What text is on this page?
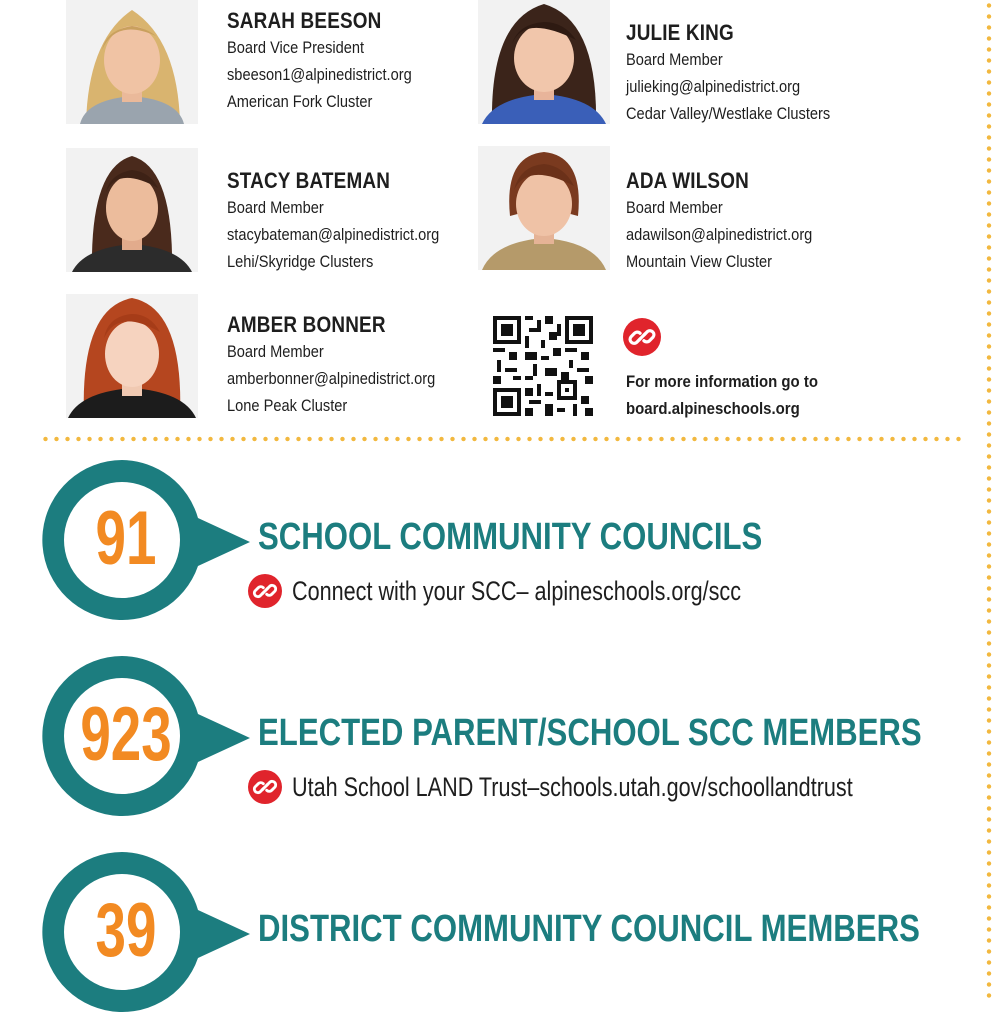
SARAH BEESON
Board Vice President
sbeeson1@alpinedistrict.org
American Fork Cluster
JULIE KING
Board Member
julieking@alpinedistrict.org
Cedar Valley/Westlake Clusters
STACY BATEMAN
Board Member
stacybateman@alpinedistrict.org
Lehi/Skyridge Clusters
ADA WILSON
Board Member
adawilson@alpinedistrict.org
Mountain View Cluster
AMBER BONNER
Board Member
amberbonner@alpinedistrict.org
Lone Peak Cluster
For more information go to
board.alpineschools.org
91	SCHOOL COMMUNITY COUNCILS
Connect with your SCC– alpineschools.org/scc
923	ELECTED PARENT/SCHOOL SCC MEMBERS
Utah School LAND Trust–schools.utah.gov/schoollandtrust
39	DISTRICT COMMUNITY COUNCIL MEMBERS
